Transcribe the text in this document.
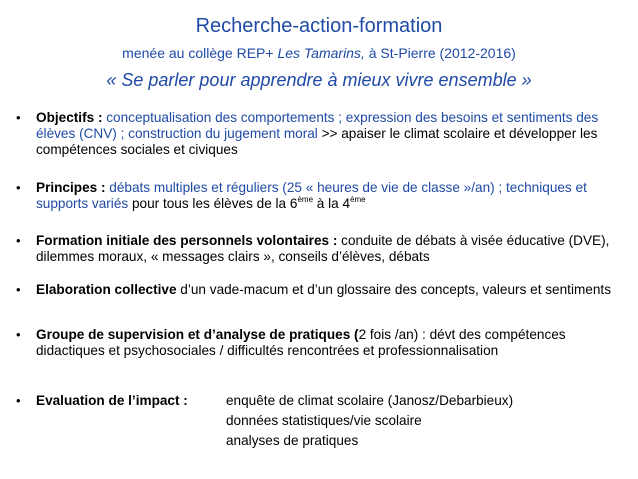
Recherche-action-formation
menée au collège REP+ Les Tamarins, à St-Pierre (2012-2016)
« Se parler pour apprendre à mieux vivre ensemble »
•	Objectifs : conceptualisation des comportements ; expression des besoins et sentiments des élèves (CNV) ; construction du jugement moral >> apaiser le climat scolaire et développer les compétences sociales et civiques
•	Principes : débats multiples et réguliers (25 « heures de vie de classe »/an) ; techniques et supports variés pour tous les élèves de la 6ème à la 4ème
•	Formation initiale des personnels volontaires : conduite de débats à visée éducative (DVE), dilemmes moraux, « messages clairs », conseils d’élèves, débats
•	Elaboration collective d’un vade-macum et d’un glossaire des concepts, valeurs et sentiments
•	Groupe de supervision et d’analyse de pratiques (2 fois /an) : dévt des compétences didactiques et psychosociales / difficultés rencontrées et professionnalisation
•	Evaluation de l’impact :	enquête de climat scolaire (Janosz/Debarbieux)
données statistiques/vie scolaire
analyses de pratiques
